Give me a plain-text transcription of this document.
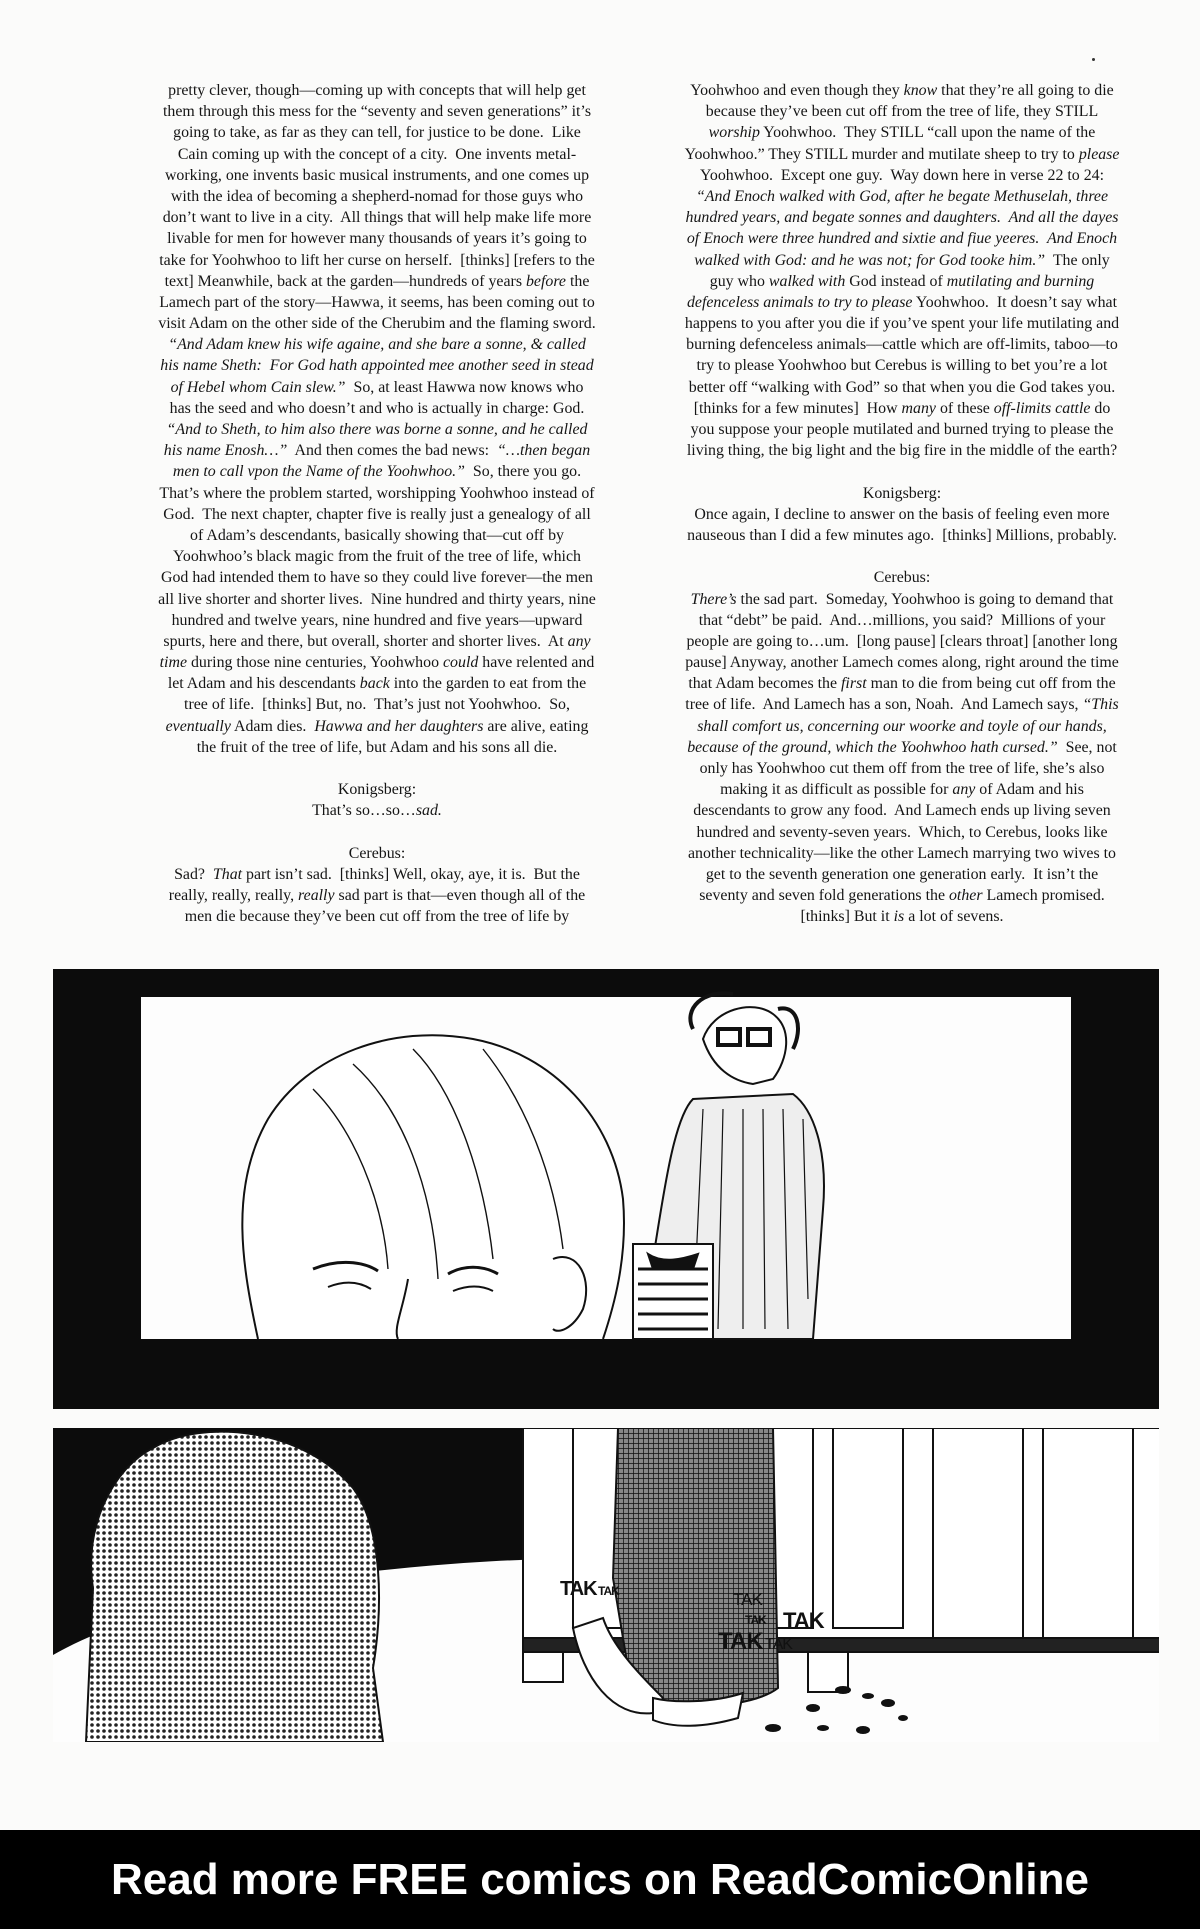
pretty clever, though—coming up with concepts that will help get
them through this mess for the “seventy and seven generations” it’s
going to take, as far as they can tell, for justice to be done.  Like
Cain coming up with the concept of a city.  One invents metal-
working, one invents basic musical instruments, and one comes up
with the idea of becoming a shepherd-nomad for those guys who
don’t want to live in a city.  All things that will help make life more
livable for men for however many thousands of years it’s going to
take for Yoohwhoo to lift her curse on herself.  [thinks] [refers to the
text] Meanwhile, back at the garden—hundreds of years before the
Lamech part of the story—Hawwa, it seems, has been coming out to
visit Adam on the other side of the Cherubim and the flaming sword.
“And Adam knew his wife againe, and she bare a sonne, & called
his name Sheth:  For God hath appointed mee another seed in stead
of Hebel whom Cain slew.”  So, at least Hawwa now knows who
has the seed and who doesn’t and who is actually in charge: God.
“And to Sheth, to him also there was borne a sonne, and he called
his name Enosh…”  And then comes the bad news:  “…then began
men to call vpon the Name of the Yoohwhoo.”  So, there you go.
That’s where the problem started, worshipping Yoohwhoo instead of
God.  The next chapter, chapter five is really just a genealogy of all
of Adam’s descendants, basically showing that—cut off by
Yoohwhoo’s black magic from the fruit of the tree of life, which
God had intended them to have so they could live forever—the men
all live shorter and shorter lives.  Nine hundred and thirty years, nine
hundred and twelve years, nine hundred and five years—upward
spurts, here and there, but overall, shorter and shorter lives.  At any
time during those nine centuries, Yoohwhoo could have relented and
let Adam and his descendants back into the garden to eat from the
tree of life.  [thinks] But, no.  That’s just not Yoohwhoo.  So,
eventually Adam dies.  Hawwa and her daughters are alive, eating
the fruit of the tree of life, but Adam and his sons all die.
Konigsberg:
That’s so…so…sad.
Cerebus:
Sad?  That part isn’t sad.  [thinks] Well, okay, aye, it is.  But the
really, really, really, really sad part is that—even though all of the
men die because they’ve been cut off from the tree of life by
Yoohwhoo and even though they know that they’re all going to die
because they’ve been cut off from the tree of life, they STILL
worship Yoohwhoo.  They STILL “call upon the name of the
Yoohwhoo.” They STILL murder and mutilate sheep to try to please
Yoohwhoo.  Except one guy.  Way down here in verse 22 to 24:
“And Enoch walked with God, after he begate Methuselah, three
hundred years, and begate sonnes and daughters.  And all the dayes
of Enoch were three hundred and sixtie and fiue yeeres.  And Enoch
walked with God: and he was not; for God tooke him.”  The only
guy who walked with God instead of mutilating and burning
defenceless animals to try to please Yoohwhoo.  It doesn’t say what
happens to you after you die if you’ve spent your life mutilating and
burning defenceless animals—cattle which are off-limits, taboo—to
try to please Yoohwhoo but Cerebus is willing to bet you’re a lot
better off “walking with God” so that when you die God takes you.
[thinks for a few minutes]  How many of these off-limits cattle do
you suppose your people mutilated and burned trying to please the
living thing, the big light and the big fire in the middle of the earth?
Konigsberg:
Once again, I decline to answer on the basis of feeling even more
nauseous than I did a few minutes ago.  [thinks] Millions, probably.
Cerebus:
There’s the sad part.  Someday, Yoohwhoo is going to demand that
that “debt” be paid.  And…millions, you said?  Millions of your
people are going to…um.  [long pause] [clears throat] [another long
pause] Anyway, another Lamech comes along, right around the time
that Adam becomes the first man to die from being cut off from the
tree of life.  And Lamech has a son, Noah.  And Lamech says, “This
shall comfort us, concerning our woorke and toyle of our hands,
because of the ground, which the Yoohwhoo hath cursed.”  See, not
only has Yoohwhoo cut them off from the tree of life, she’s also
making it as difficult as possible for any of Adam and his
descendants to grow any food.  And Lamech ends up living seven
hundred and seventy-seven years.  Which, to Cerebus, looks like
another technicality—like the other Lamech marrying two wives to
get to the seventh generation one generation early.  It isn’t the
seventy and seven fold generations the other Lamech promised.
[thinks] But it is a lot of sevens.
TAK TAK	TAK
TAK TAK
TAK TAK
Read more FREE comics on ReadComicOnline
